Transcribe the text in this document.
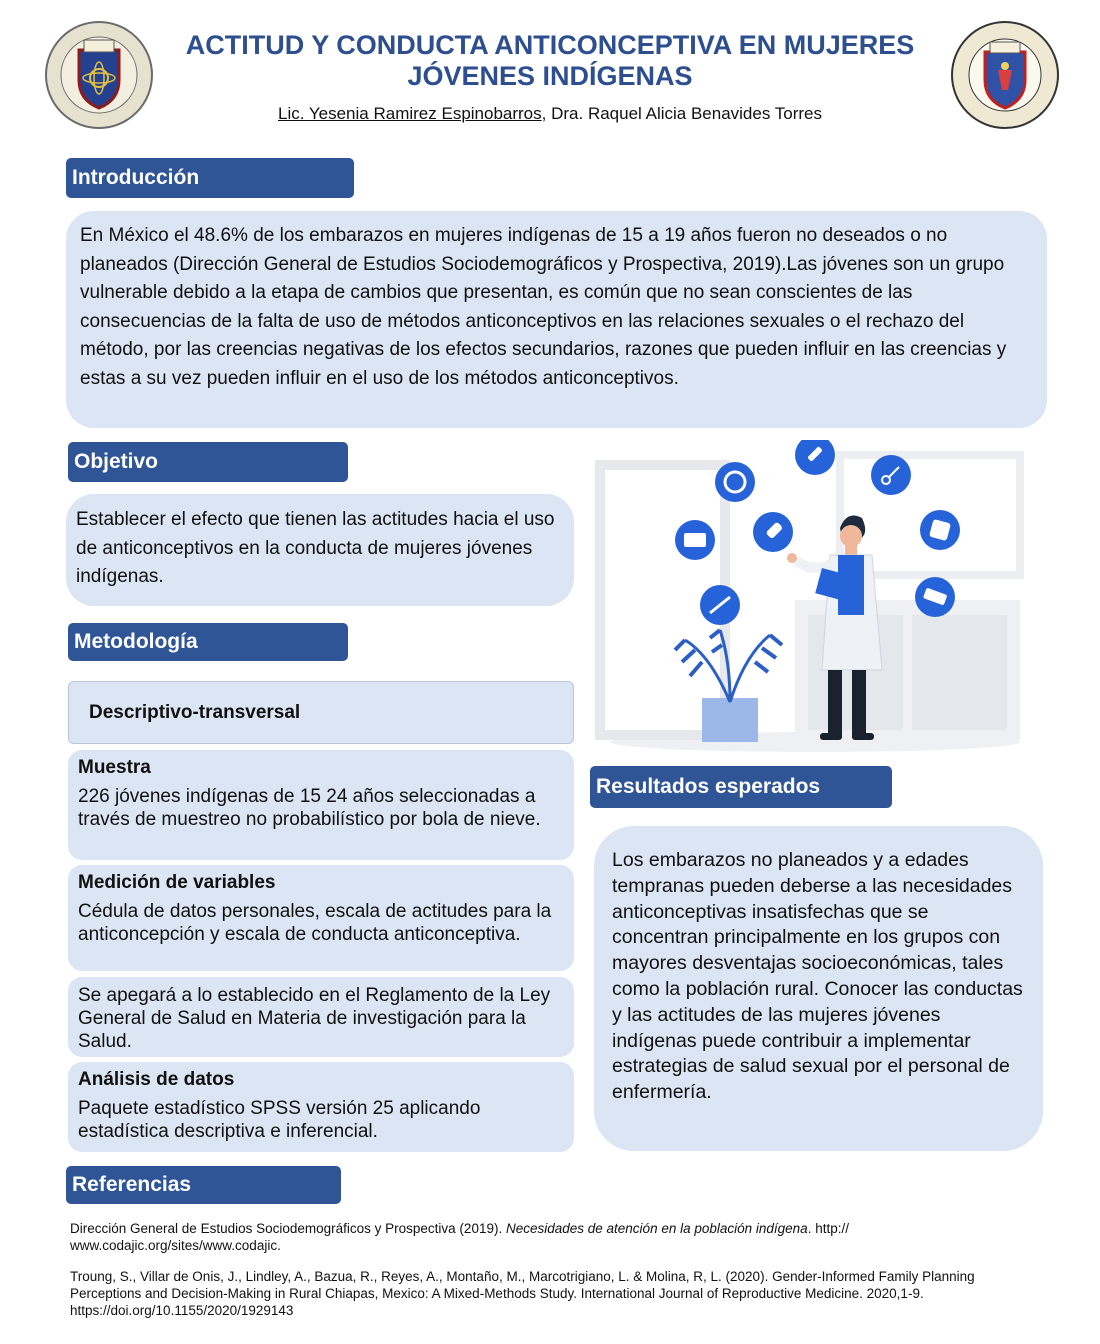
ACTITUD Y CONDUCTA ANTICONCEPTIVA EN MUJERES
JÓVENES INDÍGENAS
Lic. Yesenia Ramirez Espinobarros, Dra. Raquel Alicia Benavides Torres
Introducción
En México el 48.6% de los embarazos en mujeres indígenas de 15 a 19 años fueron no deseados o no planeados (Dirección General de Estudios Sociodemográficos y Prospectiva, 2019).Las jóvenes son un grupo vulnerable debido a la etapa de cambios que presentan, es común que no sean conscientes de las consecuencias de la falta de uso de métodos anticonceptivos en las relaciones sexuales o el rechazo del método, por las creencias negativas de los efectos secundarios, razones que pueden influir en las creencias y estas a su vez pueden influir en el uso de los métodos anticonceptivos.
Objetivo
Establecer el efecto que tienen las actitudes hacia el uso de anticonceptivos en la conducta de mujeres jóvenes indígenas.
Metodología
Descriptivo-transversal
Muestra
226 jóvenes indígenas de 15 24 años seleccionadas a través de muestreo no probabilístico por bola de nieve.
Medición de variables
Cédula de datos personales, escala de actitudes para la anticoncepción y escala de conducta anticonceptiva.
Se apegará a lo establecido en el Reglamento de la Ley General de Salud en Materia de investigación para la Salud.
Análisis de datos
Paquete estadístico SPSS versión 25 aplicando estadística descriptiva e inferencial.
Resultados esperados
Los embarazos no planeados y a edades tempranas pueden deberse a las necesidades anticonceptivas insatisfechas que se concentran principalmente en los grupos con mayores desventajas socioeconómicas, tales como la población rural. Conocer las conductas y las actitudes de las mujeres jóvenes indígenas puede contribuir a implementar estrategias de salud sexual por el personal de enfermería.
Referencias
Dirección General de Estudios Sociodemográficos y Prospectiva (2019). Necesidades de atención en la población indígena. http:// www.codajic.org/sites/www.codajic.
Troung, S., Villar de Onis, J., Lindley, A., Bazua, R., Reyes, A., Montaño, M., Marcotrigiano, L. & Molina, R, L. (2020). Gender-Informed Family Planning Perceptions and Decision-Making in Rural Chiapas, Mexico: A Mixed-Methods Study. International Journal of Reproductive Medicine. 2020,1-9. https://doi.org/10.1155/2020/1929143
